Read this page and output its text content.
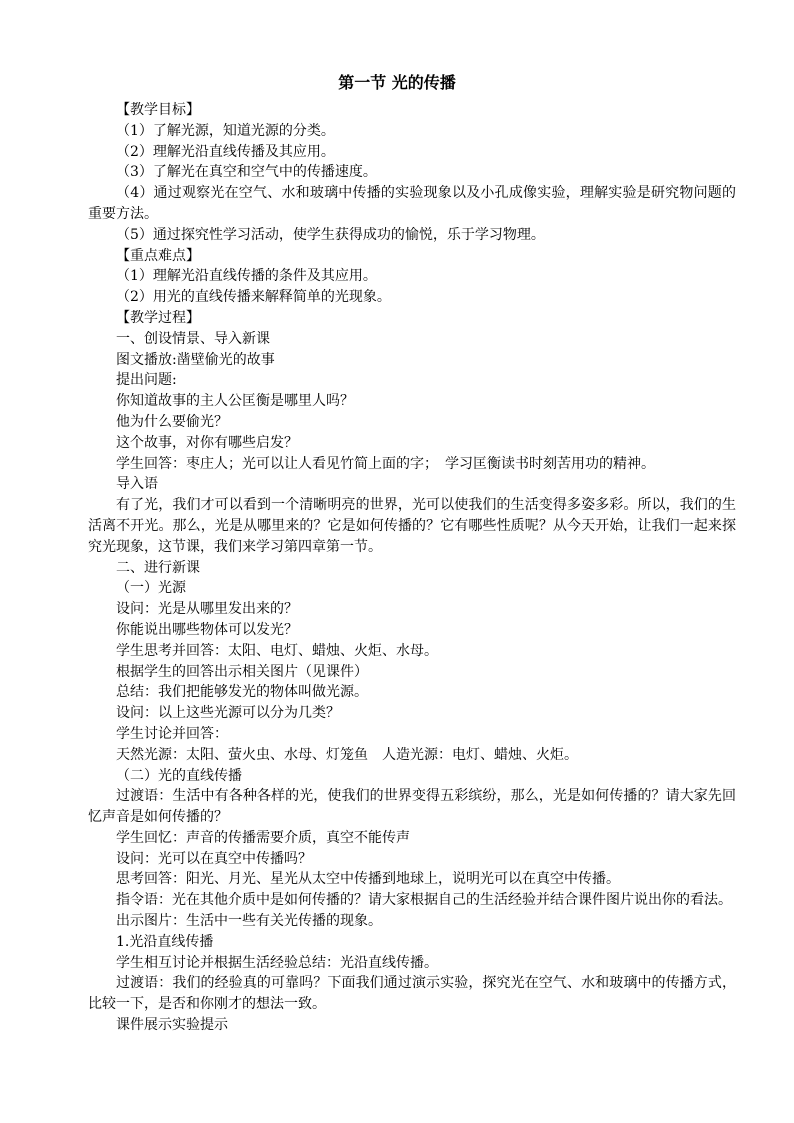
第一节 光的传播

【教学目标】

（1）了解光源，知道光源的分类。

（2）理解光沿直线传播及其应用。

（3）了解光在真空和空气中的传播速度。

（4）通过观察光在空气、水和玻璃中传播的实验现象以及小孔成像实验，理解实验是研究物问题的重要方法。

（5）通过探究性学习活动，使学生获得成功的愉悦，乐于学习物理。

【重点难点】

（1）理解光沿直线传播的条件及其应用。

（2）用光的直线传播来解释简单的光现象。

【教学过程】

一、创设情景、导入新课

图文播放:凿壁偷光的故事

提出问题:

你知道故事的主人公匡衡是哪里人吗？

他为什么要偷光？

这个故事，对你有哪些启发？

学生回答：枣庄人；光可以让人看见竹简上面的字；　学习匡衡读书时刻苦用功的精神。

导入语

有了光，我们才可以看到一个清晰明亮的世界，光可以使我们的生活变得多姿多彩。所以，我们的生活离不开光。那么，光是从哪里来的？它是如何传播的？它有哪些性质呢？从今天开始，让我们一起来探究光现象，这节课，我们来学习第四章第一节。

二、进行新课

（一）光源

设问：光是从哪里发出来的？

你能说出哪些物体可以发光？

学生思考并回答：太阳、电灯、蜡烛、火炬、水母。

根据学生的回答出示相关图片（见课件）

总结：我们把能够发光的物体叫做光源。

设问：以上这些光源可以分为几类？

学生讨论并回答：

天然光源：太阳、萤火虫、水母、灯笼鱼　人造光源：电灯、蜡烛、火炬。

（二）光的直线传播

过渡语：生活中有各种各样的光，使我们的世界变得五彩缤纷，那么，光是如何传播的？请大家先回忆声音是如何传播的？

学生回忆：声音的传播需要介质，真空不能传声

设问：光可以在真空中传播吗？

思考回答：阳光、月光、星光从太空中传播到地球上，说明光可以在真空中传播。

指令语：光在其他介质中是如何传播的？请大家根据自己的生活经验并结合课件图片说出你的看法。

出示图片：生活中一些有关光传播的现象。

1.光沿直线传播

学生相互讨论并根据生活经验总结：光沿直线传播。

过渡语：我们的经验真的可靠吗？下面我们通过演示实验，探究光在空气、水和玻璃中的传播方式，比较一下，是否和你刚才的想法一致。

课件展示实验提示
